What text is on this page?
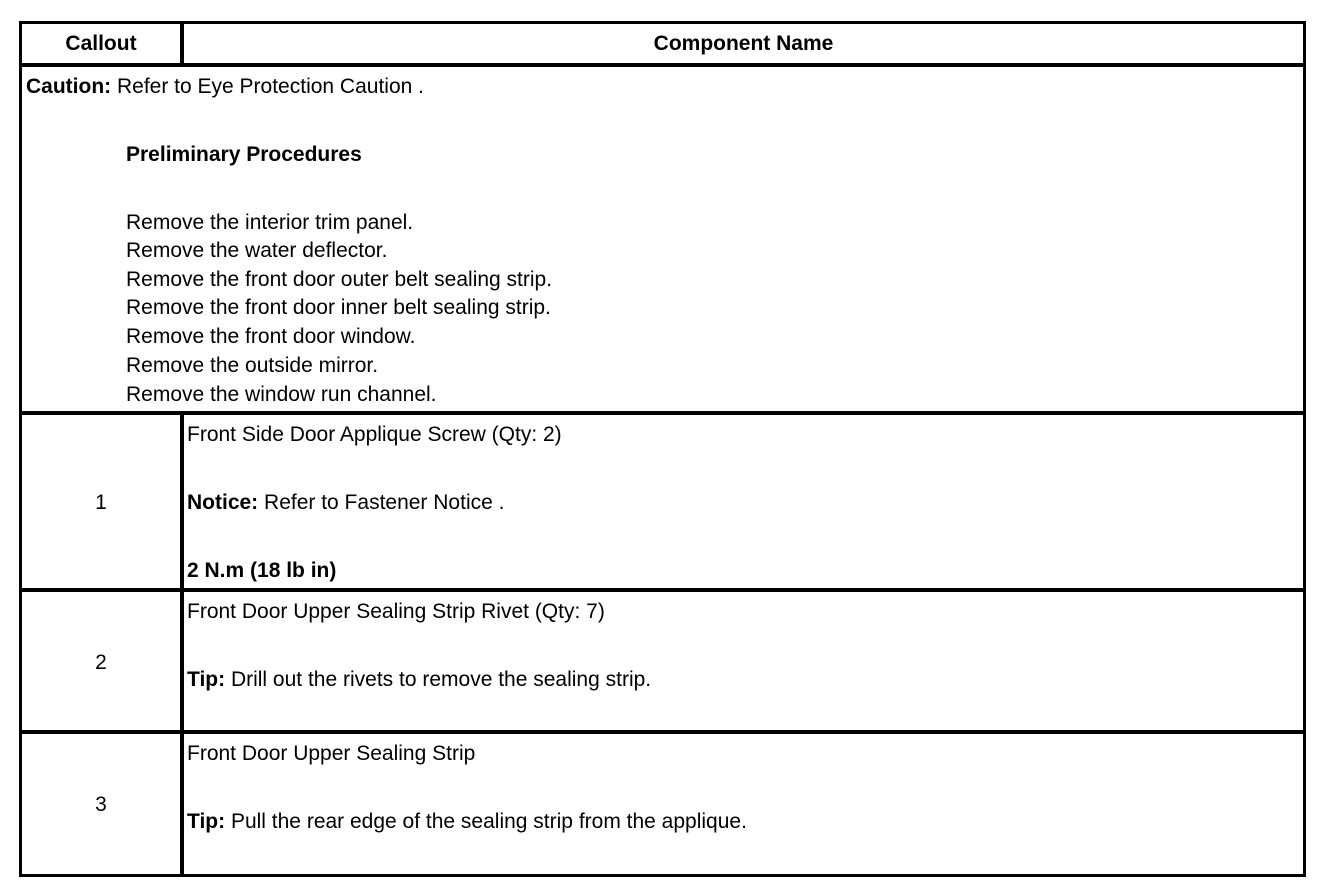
Callout	Component Name
Caution: Refer to Eye Protection Caution .
Preliminary Procedures
Remove the interior trim panel.
Remove the water deflector.
Remove the front door outer belt sealing strip.
Remove the front door inner belt sealing strip.
Remove the front door window.
Remove the outside mirror.
Remove the window run channel.
1
Front Side Door Applique Screw (Qty: 2)
Notice: Refer to Fastener Notice .
2 N.m (18 lb in)
2
Front Door Upper Sealing Strip Rivet (Qty: 7)
Tip: Drill out the rivets to remove the sealing strip.
3
Front Door Upper Sealing Strip
Tip: Pull the rear edge of the sealing strip from the applique.
